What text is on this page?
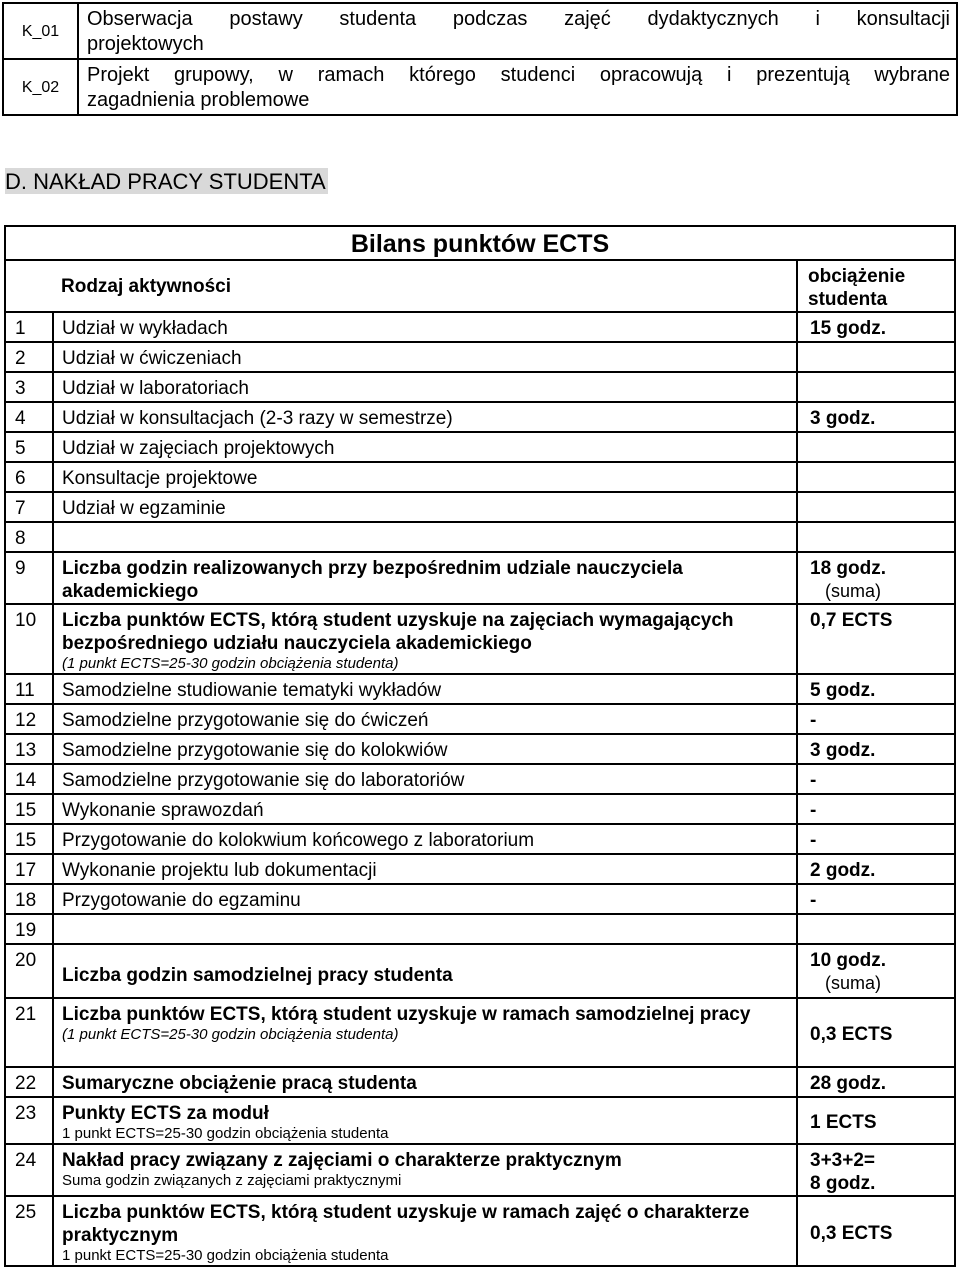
K_01	Obserwacja postawy studenta podczas zajęć dydaktycznych i konsultacji
projektowych
K_02	Projekt grupowy, w ramach którego studenci opracowują i prezentują wybrane
zagadnienia problemowe
D. NAKŁAD PRACY STUDENTA
Bilans punktów ECTS		
Rodzaj aktywności		obciążenie studenta
1	Udział w wykładach	15 godz.
2	Udział w ćwiczeniach	
3	Udział w laboratoriach	
4	Udział w konsultacjach (2-3 razy w semestrze)	3 godz.
5	Udział w zajęciach projektowych	
6	Konsultacje projektowe	
7	Udział w egzaminie	
8		
9	Liczba godzin realizowanych przy bezpośrednim udziale nauczyciela akademickiego	18 godz.
(suma)

10	Liczba punktów ECTS, którą student uzyskuje na zajęciach wymagających bezpośredniego udziału nauczyciela akademickiego
(1 punkt ECTS=25-30 godzin obciążenia studenta)	0,7 ECTS
11	Samodzielne studiowanie tematyki wykładów	5 godz.
12	Samodzielne przygotowanie się do ćwiczeń	-
13	Samodzielne przygotowanie się do kolokwiów	3 godz.
14	Samodzielne przygotowanie się do laboratoriów	-
15	Wykonanie sprawozdań	-
15	Przygotowanie do kolokwium końcowego z laboratorium	-
17	Wykonanie projektu lub dokumentacji	2 godz.
18	Przygotowanie do egzaminu	-
19		
20	Liczba godzin samodzielnej pracy studenta	10 godz.
(suma)

21	Liczba punktów ECTS, którą student uzyskuje w ramach samodzielnej pracy
(1 punkt ECTS=25-30 godzin obciążenia studenta)	0,3 ECTS
22	Sumaryczne obciążenie pracą studenta	28 godz.
23	Punkty ECTS za moduł
1 punkt ECTS=25-30 godzin obciążenia studenta	1 ECTS
24	Nakład pracy związany z zajęciami o charakterze praktycznym
Suma godzin związanych z zajęciami praktycznymi	3+3+2=
8 godz.

25	Liczba punktów ECTS, którą student uzyskuje w ramach zajęć o charakterze praktycznym
1 punkt ECTS=25-30 godzin obciążenia studenta	0,3 ECTS
